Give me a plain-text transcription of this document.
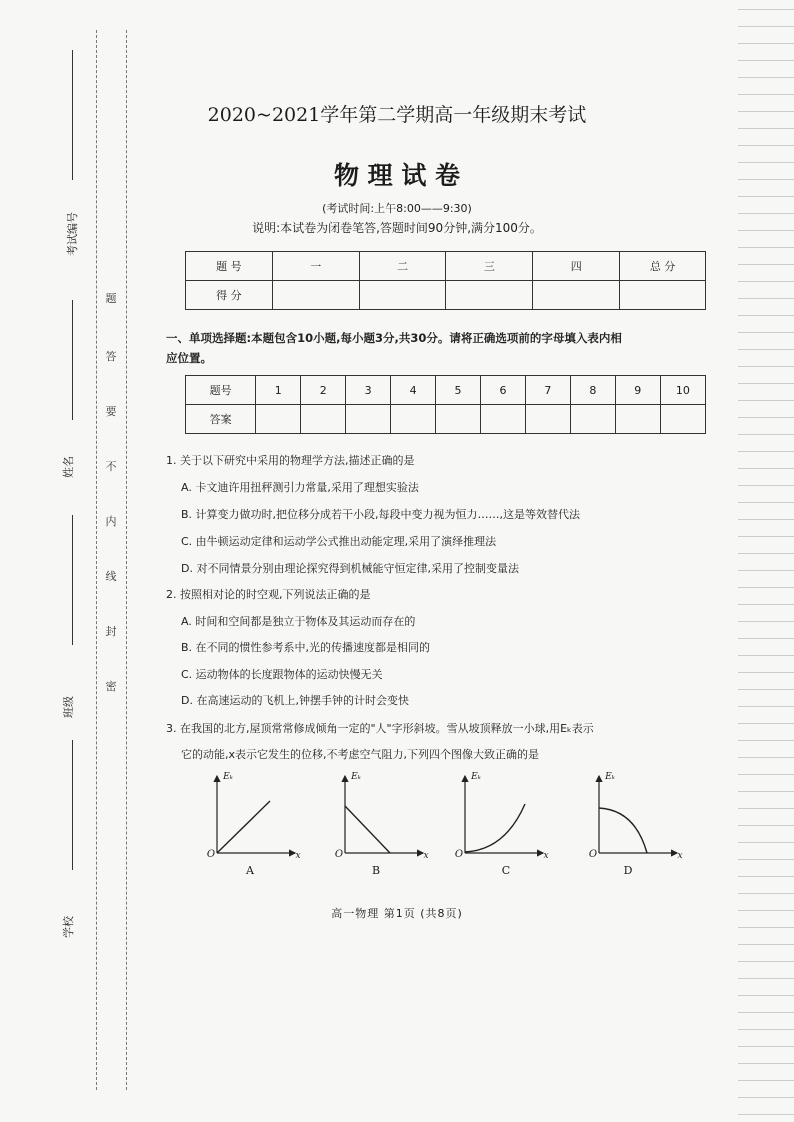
考试编号
姓名
班级
学校
题
答
要
不
内
线
封
密
2020~2021学年第二学期高一年级期末考试
物 理 试 卷
(考试时间:上午8:00——9:30)
说明:本试卷为闭卷笔答,答题时间90分钟,满分100分。
题 号	一	二	三	四	总 分
得 分					
一、单项选择题:本题包含10小题,每小题3分,共30分。请将正确选项前的字母填入表内相
应位置。
题号	1	2	3	4	5	6	7	8	9	10
答案										
1. 关于以下研究中采用的物理学方法,描述正确的是
A. 卡文迪许用扭秤测引力常量,采用了理想实验法
B. 计算变力做功时,把位移分成若干小段,每段中变力视为恒力……,这是等效替代法
C. 由牛顿运动定律和运动学公式推出动能定理,采用了演绎推理法
D. 对不同情景分别由理论探究得到机械能守恒定律,采用了控制变量法
2. 按照相对论的时空观,下列说法正确的是
A. 时间和空间都是独立于物体及其运动而存在的
B. 在不同的惯性参考系中,光的传播速度都是相同的
C. 运动物体的长度跟物体的运动快慢无关
D. 在高速运动的飞机上,钟摆手钟的计时会变快
3. 在我国的北方,屋顶常常修成倾角一定的"人"字形斜坡。雪从坡顶释放一小球,用Eₖ表示
它的动能,x表示它发生的位移,不考虑空气阻力,下列四个图像大致正确的是
Eₖ
O	x
A
Eₖ
O	x
B
Eₖ
O	x
C
Eₖ
O	x
D
高一物理 第1页 (共8页)
